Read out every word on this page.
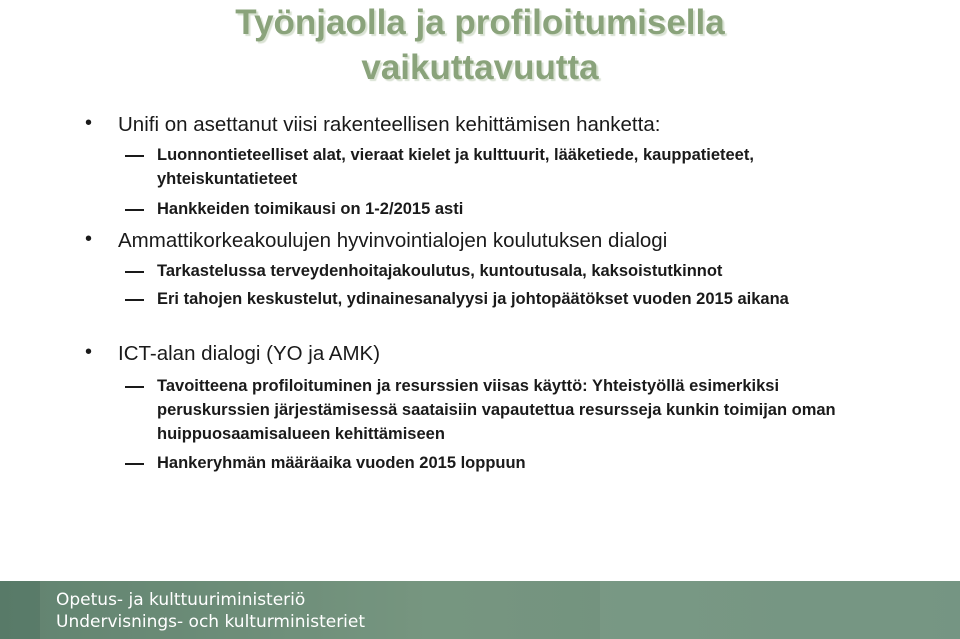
Työnjaolla ja profiloitumisella
vaikuttavuutta
• Unifi on asettanut viisi rakenteellisen kehittämisen hanketta:
Luonnontieteelliset alat, vieraat kielet ja kulttuurit, lääketiede, kauppatieteet, yhteiskuntatieteet
Hankkeiden toimikausi on 1-2/2015 asti
• Ammattikorkeakoulujen hyvinvointialojen koulutuksen dialogi
Tarkastelussa terveydenhoitajakoulutus, kuntoutusala, kaksoistutkinnot
Eri tahojen keskustelut, ydinainesanalyysi ja johtopäätökset vuoden 2015 aikana
• ICT-alan dialogi (YO ja AMK)
Tavoitteena profiloituminen ja resurssien viisas käyttö: Yhteistyöllä esimerkiksi peruskurssien järjestämisessä saataisiin vapautettua resursseja kunkin toimijan oman huippuosaamisalueen kehittämiseen
Hankeryhmän määräaika vuoden 2015 loppuun
Opetus- ja kulttuuriministeriö
Undervisnings- och kulturministeriet
